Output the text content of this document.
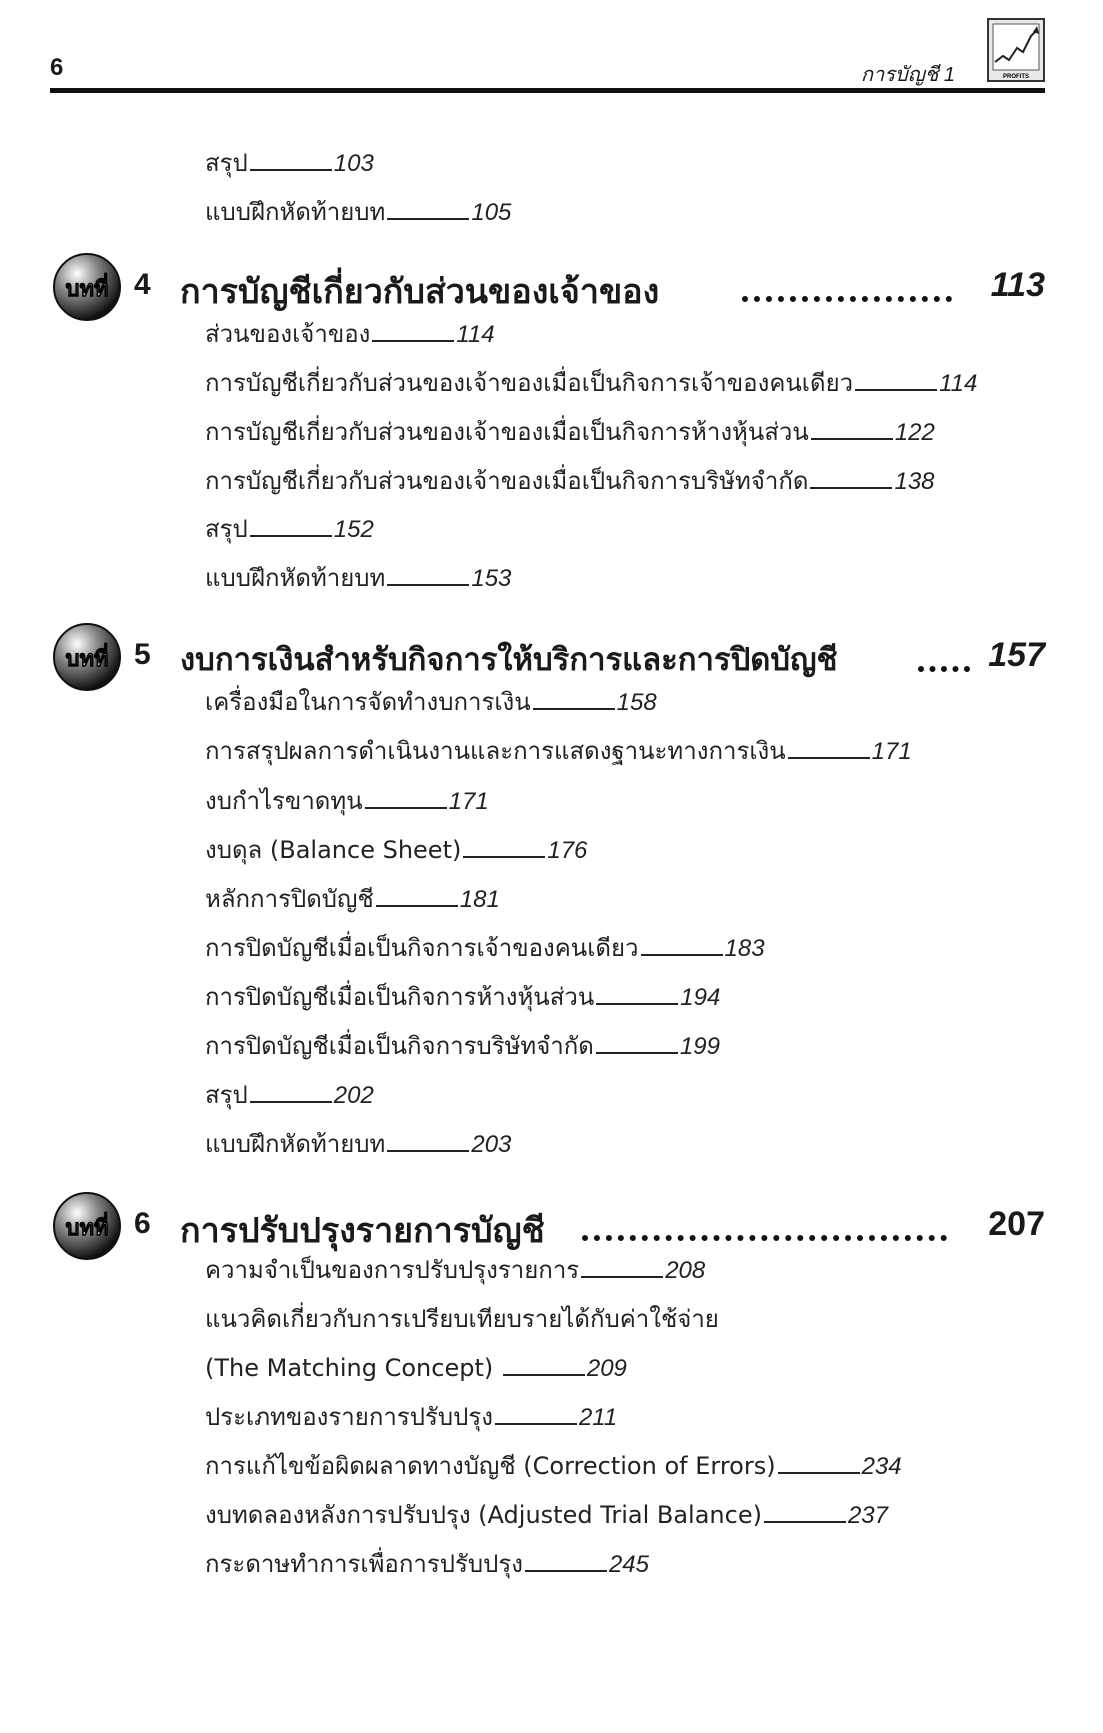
6	การบัญชี 1	PROFITS
สรุป	103
แบบฝึกหัดท้ายบท	105
บทที่ 4 การบัญชีเกี่ยวกับส่วนของเจ้าของ	113
ส่วนของเจ้าของ	114
การบัญชีเกี่ยวกับส่วนของเจ้าของเมื่อเป็นกิจการเจ้าของคนเดียว	114
การบัญชีเกี่ยวกับส่วนของเจ้าของเมื่อเป็นกิจการห้างหุ้นส่วน	122
การบัญชีเกี่ยวกับส่วนของเจ้าของเมื่อเป็นกิจการบริษัทจำกัด	138
สรุป	152
แบบฝึกหัดท้ายบท	153
บทที่ 5 งบการเงินสำหรับกิจการให้บริการและการปิดบัญชี	157
เครื่องมือในการจัดทำงบการเงิน	158
การสรุปผลการดำเนินงานและการแสดงฐานะทางการเงิน	171
งบกำไรขาดทุน	171
งบดุล (Balance Sheet)	176
หลักการปิดบัญชี	181
การปิดบัญชีเมื่อเป็นกิจการเจ้าของคนเดียว	183
การปิดบัญชีเมื่อเป็นกิจการห้างหุ้นส่วน	194
การปิดบัญชีเมื่อเป็นกิจการบริษัทจำกัด	199
สรุป	202
แบบฝึกหัดท้ายบท	203
บทที่ 6 การปรับปรุงรายการบัญชี	207
ความจำเป็นของการปรับปรุงรายการ	208
แนวคิดเกี่ยวกับการเปรียบเทียบรายได้กับค่าใช้จ่าย
(The Matching Concept)	209
ประเภทของรายการปรับปรุง	211
การแก้ไขข้อผิดผลาดทางบัญชี (Correction of Errors)	234
งบทดลองหลังการปรับปรุง (Adjusted Trial Balance)	237
กระดาษทำการเพื่อการปรับปรุง	245
